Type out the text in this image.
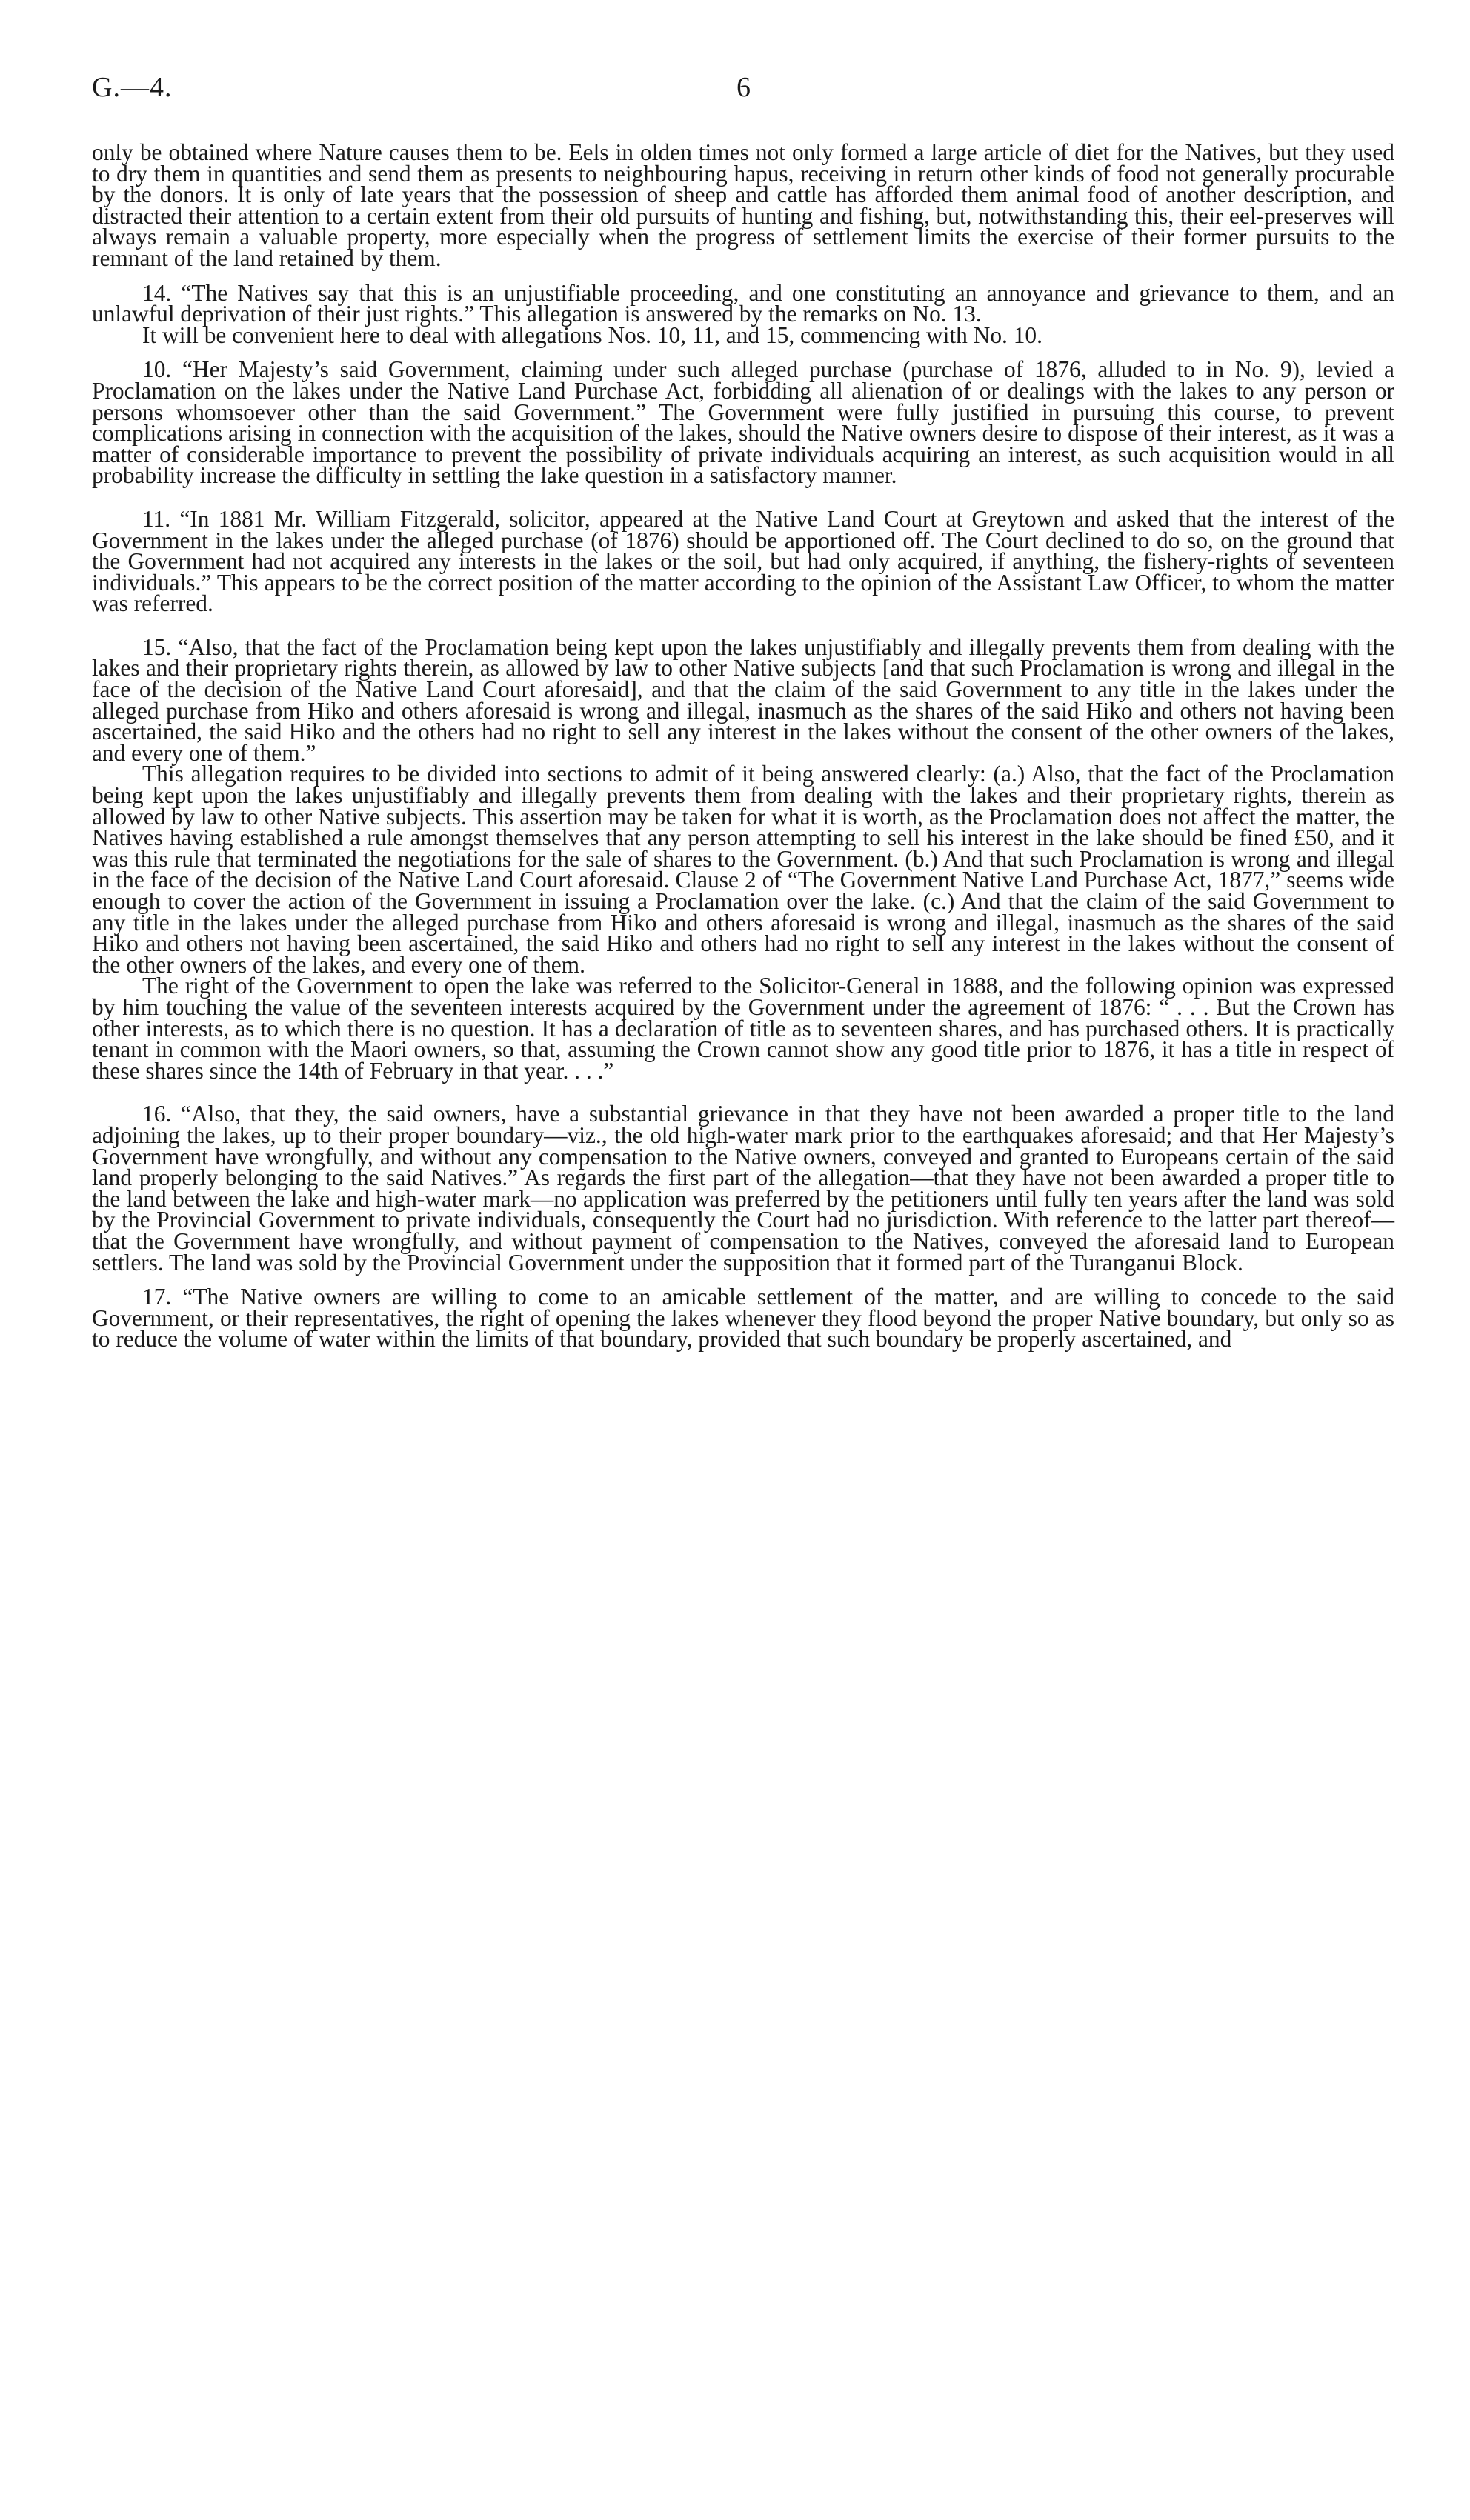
G.—4.	6

only be obtained where Nature causes them to be. Eels in olden times not only formed a large article of diet for the Natives, but they used to dry them in quantities and send them as presents to neighbouring hapus, receiving in return other kinds of food not generally procurable by the donors. It is only of late years that the possession of sheep and cattle has afforded them animal food of another description, and distracted their attention to a certain extent from their old pursuits of hunting and fishing, but, notwithstanding this, their eel-preserves will always remain a valuable property, more especially when the progress of settlement limits the exercise of their former pursuits to the remnant of the land retained by them.

14. “The Natives say that this is an unjustifiable proceeding, and one constituting an annoyance and grievance to them, and an unlawful deprivation of their just rights.” This allegation is answered by the remarks on No. 13.

It will be convenient here to deal with allegations Nos. 10, 11, and 15, commencing with No. 10.

10. “Her Majesty’s said Government, claiming under such alleged purchase (purchase of 1876, alluded to in No. 9), levied a Proclamation on the lakes under the Native Land Purchase Act, forbidding all alienation of or dealings with the lakes to any person or persons whomsoever other than the said Government.” The Government were fully justified in pursuing this course, to prevent complications arising in connection with the acquisition of the lakes, should the Native owners desire to dispose of their interest, as it was a matter of considerable importance to prevent the possibility of private individuals acquiring an interest, as such acquisition would in all probability increase the difficulty in settling the lake question in a satisfactory manner.

11. “In 1881 Mr. William Fitzgerald, solicitor, appeared at the Native Land Court at Greytown and asked that the interest of the Government in the lakes under the alleged purchase (of 1876) should be apportioned off. The Court declined to do so, on the ground that the Government had not acquired any interests in the lakes or the soil, but had only acquired, if anything, the fishery-rights of seventeen individuals.” This appears to be the correct position of the matter according to the opinion of the Assistant Law Officer, to whom the matter was referred.

15. “Also, that the fact of the Proclamation being kept upon the lakes unjustifiably and illegally prevents them from dealing with the lakes and their proprietary rights therein, as allowed by law to other Native subjects [and that such Proclamation is wrong and illegal in the face of the decision of the Native Land Court aforesaid], and that the claim of the said Government to any title in the lakes under the alleged purchase from Hiko and others aforesaid is wrong and illegal, inasmuch as the shares of the said Hiko and others not having been ascertained, the said Hiko and the others had no right to sell any interest in the lakes without the consent of the other owners of the lakes, and every one of them.”

This allegation requires to be divided into sections to admit of it being answered clearly: (a.) Also, that the fact of the Proclamation being kept upon the lakes unjustifiably and illegally prevents them from dealing with the lakes and their proprietary rights, therein as allowed by law to other Native subjects. This assertion may be taken for what it is worth, as the Proclamation does not affect the matter, the Natives having established a rule amongst themselves that any person attempting to sell his interest in the lake should be fined £50, and it was this rule that terminated the negotiations for the sale of shares to the Government. (b.) And that such Proclamation is wrong and illegal in the face of the decision of the Native Land Court aforesaid. Clause 2 of “The Government Native Land Purchase Act, 1877,” seems wide enough to cover the action of the Government in issuing a Proclamation over the lake. (c.) And that the claim of the said Government to any title in the lakes under the alleged purchase from Hiko and others aforesaid is wrong and illegal, inasmuch as the shares of the said Hiko and others not having been ascertained, the said Hiko and others had no right to sell any interest in the lakes without the consent of the other owners of the lakes, and every one of them.

The right of the Government to open the lake was referred to the Solicitor-General in 1888, and the following opinion was expressed by him touching the value of the seventeen interests acquired by the Government under the agreement of 1876: “ . . . But the Crown has other interests, as to which there is no question. It has a declaration of title as to seventeen shares, and has purchased others. It is practically tenant in common with the Maori owners, so that, assuming the Crown cannot show any good title prior to 1876, it has a title in respect of these shares since the 14th of February in that year. . . .”

16. “Also, that they, the said owners, have a substantial grievance in that they have not been awarded a proper title to the land adjoining the lakes, up to their proper boundary—viz., the old high-water mark prior to the earthquakes aforesaid; and that Her Majesty’s Government have wrongfully, and without any compensation to the Native owners, conveyed and granted to Europeans certain of the said land properly belonging to the said Natives.” As regards the first part of the allegation—that they have not been awarded a proper title to the land between the lake and high-water mark—no application was preferred by the petitioners until fully ten years after the land was sold by the Provincial Government to private individuals, consequently the Court had no jurisdiction. With reference to the latter part thereof—that the Government have wrongfully, and without payment of compensation to the Natives, conveyed the aforesaid land to European settlers. The land was sold by the Provincial Government under the supposition that it formed part of the Turanganui Block.

17. “The Native owners are willing to come to an amicable settlement of the matter, and are willing to concede to the said Government, or their representatives, the right of opening the lakes whenever they flood beyond the proper Native boundary, but only so as to reduce the volume of water within the limits of that boundary, provided that such boundary be properly ascertained, and
